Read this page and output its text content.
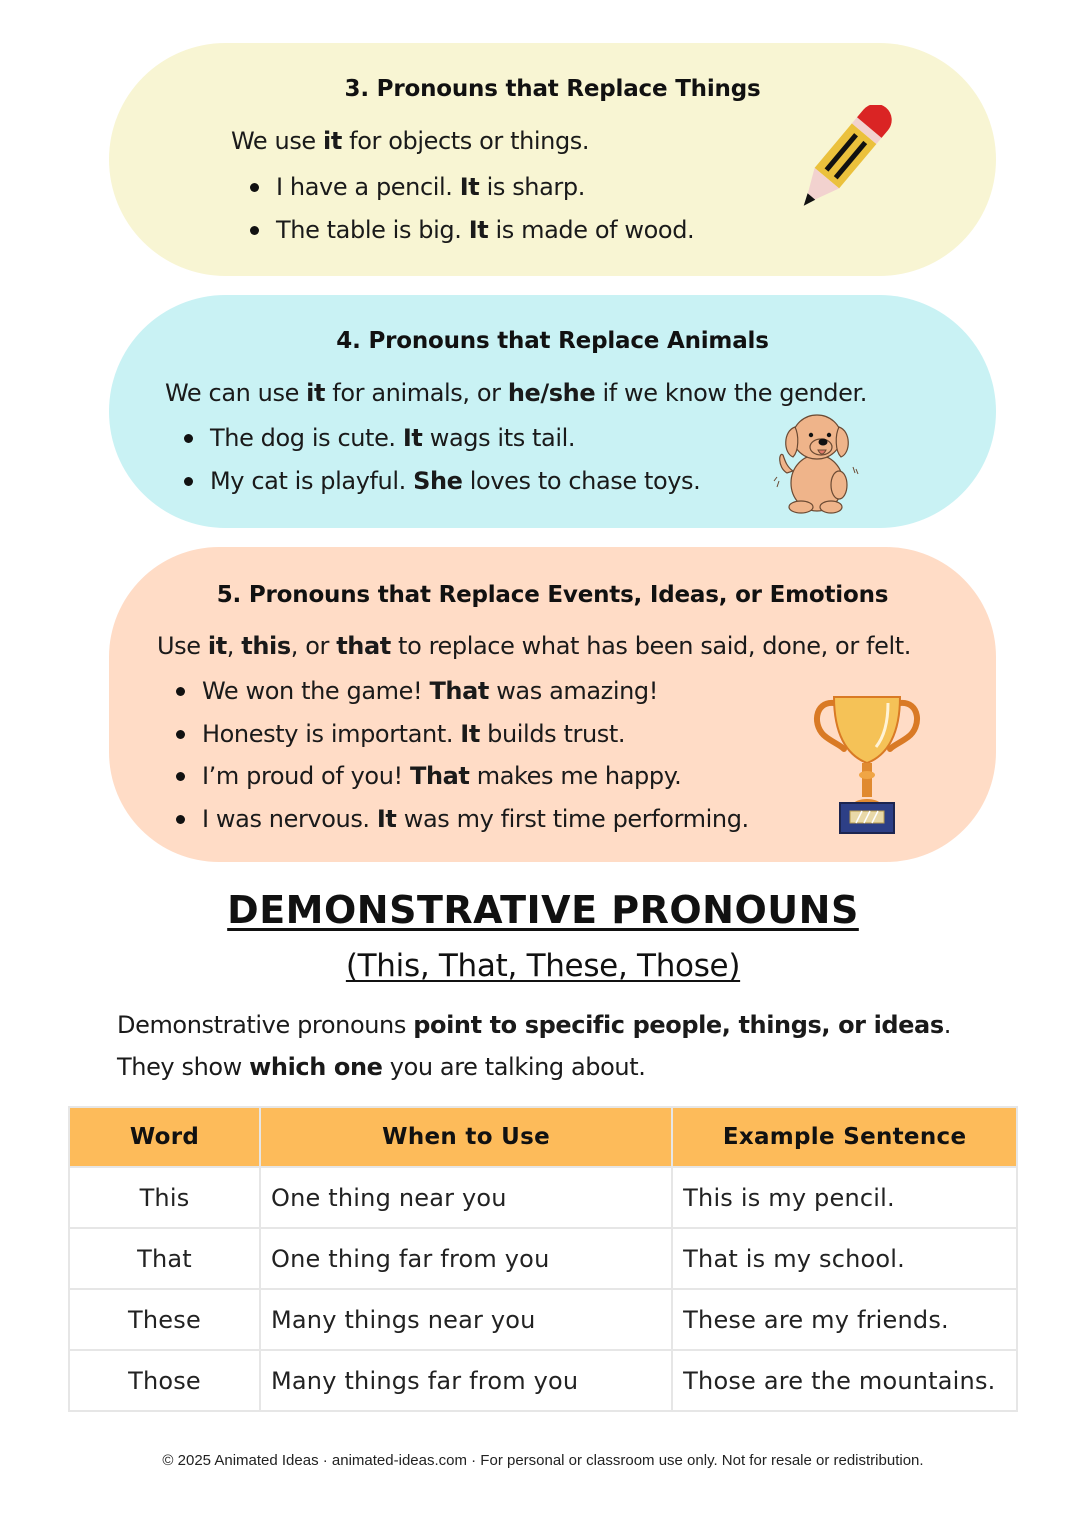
3. Pronouns that Replace Things
We use it for objects or things.
I have a pencil. It is sharp.
The table is big. It is made of wood.
4. Pronouns that Replace Animals
We can use it for animals, or he/she if we know the gender.
The dog is cute. It wags its tail.
My cat is playful. She loves to chase toys.
5. Pronouns that Replace Events, Ideas, or Emotions
Use it, this, or that to replace what has been said, done, or felt.
We won the game! That was amazing!
Honesty is important. It builds trust.
I’m proud of you! That makes me happy.
I was nervous. It was my first time performing.
DEMONSTRATIVE PRONOUNS
(This, That, These, Those)
Demonstrative pronouns point to specific people, things, or ideas.
They show which one you are talking about.
Word	When to Use	Example Sentence
This	One thing near you	This is my pencil.
That	One thing far from you	That is my school.
These	Many things near you	These are my friends.
Those	Many things far from you	Those are the mountains.
© 2025 Animated Ideas · animated-ideas.com · For personal or classroom use only. Not for resale or redistribution.
